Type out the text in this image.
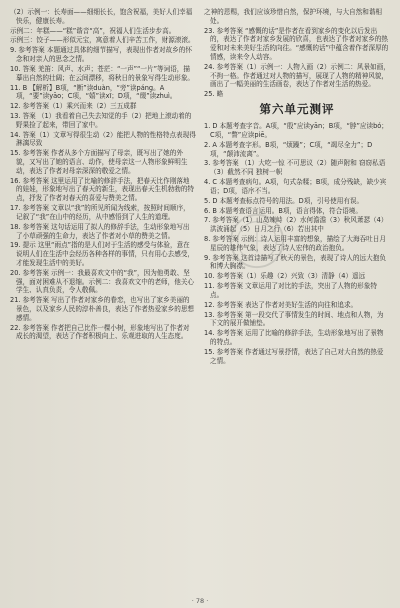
（2）示例一：长寿面——细细长长，饱含祝福，美好人们幸福快乐，健康长寿。
示例二：年糕——“糕”谐音“高”，祝福人们生活步步高。
示例三：饺子——形似元宝，寓意着人们辛苦工作，财源滚滚。
9. 参考答案 本题通过具体的细节描写，表现出作者对故乡的怀念和对亲人的思念之情。
10. 答案 羌笛：风声、水声；苍茫：“一声”“一片”等词语，描摹出自然的壮阔；在云间漂移，将秋日的景象写得生动形象。
11. B 【解析】B项，“断”读duàn，“旁”读páng。A项，“要”读yāo；C项，“嬉”读xī；D项，“缀”读zhuì。
12. 参考答案（1）乘兴而来（2）三五成群
13. 答案 （1）我看着自己失去知觉的手（2）把地上滚动着的野果捡了起来，带回了家中。
14. 答案（1）文章写得很生动（2）能把人物的性格特点表现得淋漓尽致
15. 参考答案 作者从多个方面描写了母亲，既写出了她的外貌，又写出了她的语言、动作，使母亲这一人物形象鲜明生动，表达了作者对母亲深深的敬爱之情。
16. 参考答案 这里运用了比喻的修辞手法，把春天比作刚落地的娃娃，形象地写出了春天的新生，表现出春天生机勃勃的特点，抒发了作者对春天的喜爱与赞美之情。
17. 参考答案 文章以“我”的所见所闻为线索，按照时间顺序，记叙了“我”在山中的经历，从中感悟到了人生的道理。
18. 参考答案 这句话运用了拟人的修辞手法，生动形象地写出了小草顽强的生命力，表达了作者对小草的赞美之情。
19. 提示 这里“雨点”指的是人们对于生活的感受与体验，意在说明人们在生活中会经历各种各样的事情，只有用心去感受，才能发现生活中的美好。
20. 参考答案 示例一：我最喜欢文中的“我”，因为他勇敢、坚强，面对困难从不退缩。示例二：我喜欢文中的老师，他关心学生、认真负责，令人敬佩。
21. 参考答案 写出了作者对家乡的眷恋，也写出了家乡美丽的景色，以及家乡人民的淳朴善良，表达了作者热爱家乡的思想感情。
22. 参考答案 作者把自己比作一棵小树，形象地写出了作者对成长的渴望，表达了作者积极向上、乐观进取的人生态度。
之神的恩赐，我们应该珍惜自然，保护环境，与大自然和谐相处。
23. 参考答案 “感慨的话”是作者在看到家乡的变化以后发出的，表达了作者对家乡发展的欣喜，也表达了作者对家乡的热爱和对未来美好生活的向往。“感慨的话”中蕴含着作者深厚的情感，读来令人动容。
24. 参考答案（1）示例一：人物入画（2）示例二：风景如画，不拘一格。作者通过对人物的描写，展现了人物的精神风貌，画出了一幅美丽的生活画卷，表达了作者对生活的热爱。
25. 略
第六单元测评
1. D 本题考查字音。A项，“殷”应读yān；B项，“脖”应读bó；C项，“瞥”应读piē。
2. A 本题考查字形。B项，“烦躁”；C项，“竭尽全力”；D项，“颠沛流离”。
3. 参考答案 （1）大吃一惊 不可思议（2）随声附和 窃窃私语（3）截然不同 独树一帜
4. C 本题考查病句。A项，句式杂糅；B项，成分残缺，缺少宾语；D项，语序不当。
5. D 本题考查标点符号的用法。D项，引号使用有误。
6. B 本题考查语言运用。B项，语言得体，符合语境。
7. 参考答案（1）山岛竦峙（2）水何澹澹（3）秋风萧瑟（4）洪波涌起（5）日月之行（6）若出其中
8. 参考答案 示例：诗人运用丰富的想象，描绘了大海吞吐日月星辰的雄伟气象，表达了诗人宏伟的政治抱负。
9. 参考答案 这首诗描写了秋天的景色，表现了诗人的远大抱负和博大胸襟。
10. 参考答案（1）乐趣（2）兴致（3）清静（4）遥远
11. 参考答案 文章运用了对比的手法，突出了人物的形象特点。
12. 参考答案 表达了作者对美好生活的向往和追求。
13. 参考答案 第一段交代了事情发生的时间、地点和人物，为下文的展开做铺垫。
14. 参考答案 运用了比喻的修辞手法，生动形象地写出了景物的特点。
15. 参考答案 作者通过写景抒情，表达了自己对大自然的热爱之情。
· 78 ·
